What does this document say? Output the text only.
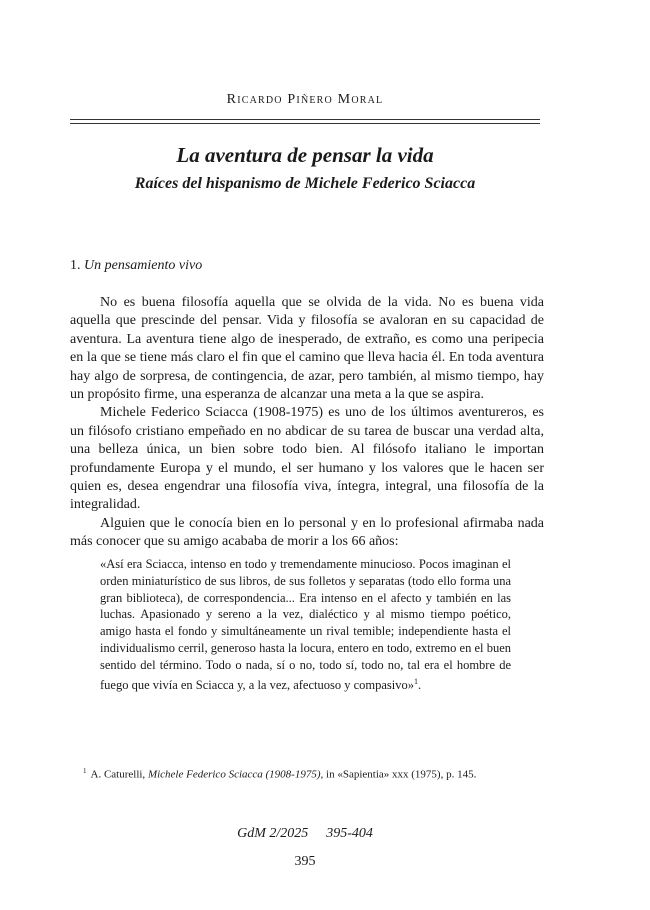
Ricardo Piñero Moral
La aventura de pensar la vida
Raíces del hispanismo de Michele Federico Sciacca
1. Un pensamiento vivo

No es buena filosofía aquella que se olvida de la vida. No es buena vida aquella que prescinde del pensar. Vida y filosofía se avaloran en su capacidad de aventura. La aventura tiene algo de inesperado, de extraño, es como una peripecia en la que se tiene más claro el fin que el camino que lleva hacia él. En toda aventura hay algo de sorpresa, de contingencia, de azar, pero también, al mismo tiempo, hay un propósito firme, una esperanza de alcanzar una meta a la que se aspira.

Michele Federico Sciacca (1908-1975) es uno de los últimos aventureros, es un filósofo cristiano empeñado en no abdicar de su tarea de buscar una verdad alta, una belleza única, un bien sobre todo bien. Al filósofo italiano le importan profundamente Europa y el mundo, el ser humano y los valores que le hacen ser quien es, desea engendrar una filosofía viva, íntegra, integral, una filosofía de la integralidad.

Alguien que le conocía bien en lo personal y en lo profesional afirmaba nada más conocer que su amigo acababa de morir a los 66 años:

«Así era Sciacca, intenso en todo y tremendamente minucioso. Pocos imaginan el orden miniaturístico de sus libros, de sus folletos y separatas (todo ello forma una gran biblioteca), de correspondencia... Era intenso en el afecto y también en las luchas. Apasionado y sereno a la vez, dialéctico y al mismo tiempo poético, amigo hasta el fondo y simultáneamente un rival temible; independiente hasta el individualismo cerril, generoso hasta la locura, entero en todo, extremo en el buen sentido del término. Todo o nada, sí o no, todo sí, todo no, tal era el hombre de fuego que vivía en Sciacca y, a la vez, afectuoso y compasivo»$^1$.

$^1$ A. Caturelli, Michele Federico Sciacca (1908-1975), in «Sapientia» xxx (1975), p. 145.
GdM 2/2025 395-404
395
